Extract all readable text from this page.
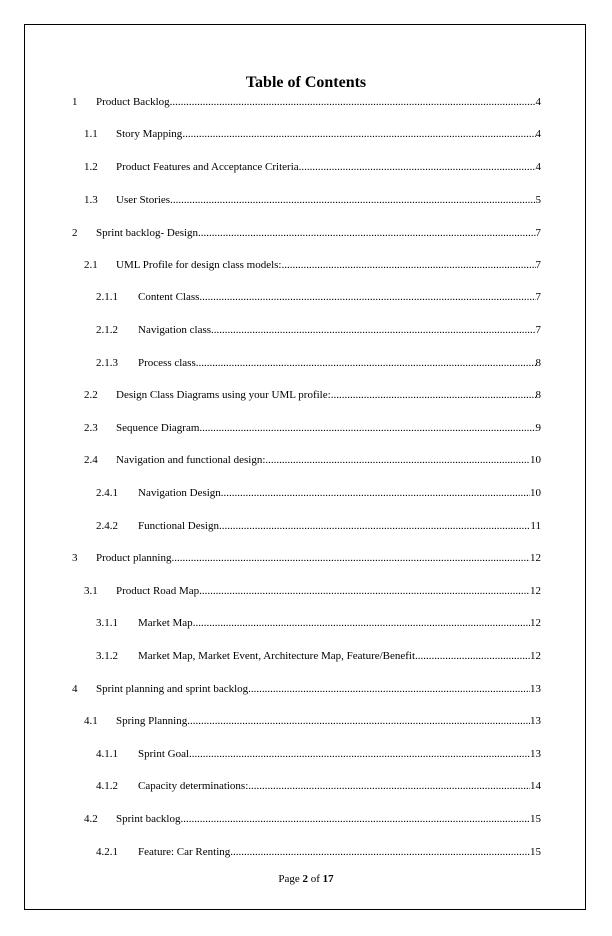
Table of Contents
1	Product Backlog .....	4
1.1	Story Mapping .....	4
1.2	Product Features and Acceptance Criteria .....	4
1.3	User Stories .....	5
2	Sprint backlog- Design .....	7
2.1	UML Profile for design class models: .....	7
2.1.1	Content Class .....	7
2.1.2	Navigation class .....	7
2.1.3	Process class .....	8
2.2	Design Class Diagrams using your UML profile: .....	8
2.3	Sequence Diagram .....	9
2.4	Navigation and functional design: .....	10
2.4.1	Navigation Design .....	10
2.4.2	Functional Design .....	11
3	Product planning .....	12
3.1	Product Road Map .....	12
3.1.1	Market Map .....	12
3.1.2	Market Map, Market Event, Architecture Map, Feature/Benefit .....	12
4	Sprint planning and sprint backlog .....	13
4.1	Spring Planning .....	13
4.1.1	Sprint Goal .....	13
4.1.2	Capacity determinations: .....	14
4.2	Sprint backlog .....	15
4.2.1	Feature: Car Renting .....	15
Page 2 of 17
